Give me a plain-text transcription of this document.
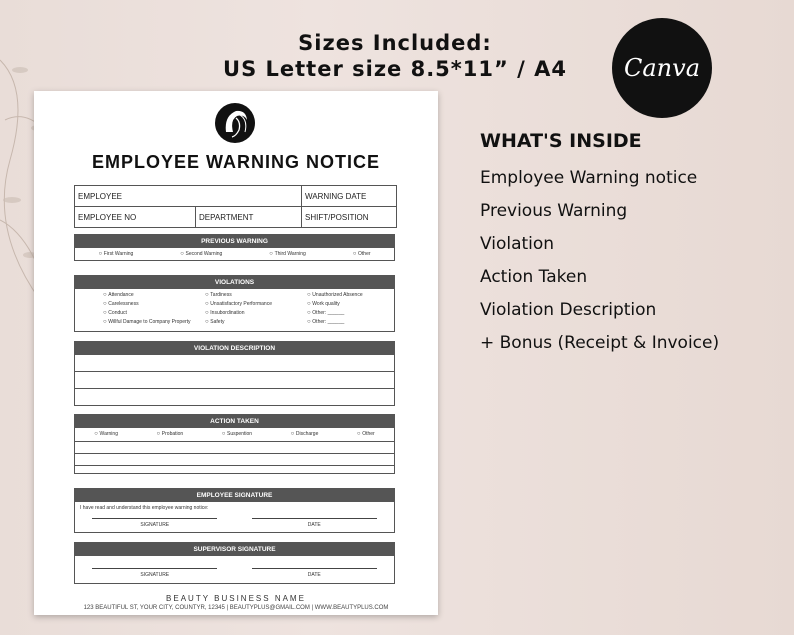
Sizes Included:
US Letter size 8.5*11” / A4	Canva
WHAT'S INSIDE
Employee Warning notice
Previous Warning
Violation
Action Taken
Violation Description
+ Bonus (Receipt & Invoice)
EMPLOYEE WARNING NOTICE
EMPLOYEE	WARNING DATE
EMPLOYEE NO	DEPARTMENT	SHIFT/POSITION
PREVIOUS WARNING
○ First Warning	○ Second Warning	○ Third Warning	○ Other
VIOLATIONS
○ Attendance	○ Tardiness	○ Unauthorized Absence
○ Carelessness	○ Unsatisfactory Performance	○ Work quality
○ Conduct	○ Insubordination	○ Other: ______
○ Willful Damage to Company Property	○ Safety	○ Other: ______
VIOLATION DESCRIPTION
ACTION TAKEN
○ Warning	○ Probation	○ Suspention	○ Discharge	○ Other
EMPLOYEE SIGNATURE
I have read and understand this employee warning notice:
SIGNATURE	DATE
SUPERVISOR SIGNATURE
SIGNATURE	DATE
BEAUTY BUSINESS NAME
123 BEAUTIFUL ST, YOUR CITY, COUNTYR, 12345 | BEAUTYPLUS@GMAIL.COM | WWW.BEAUTYPLUS.COM
